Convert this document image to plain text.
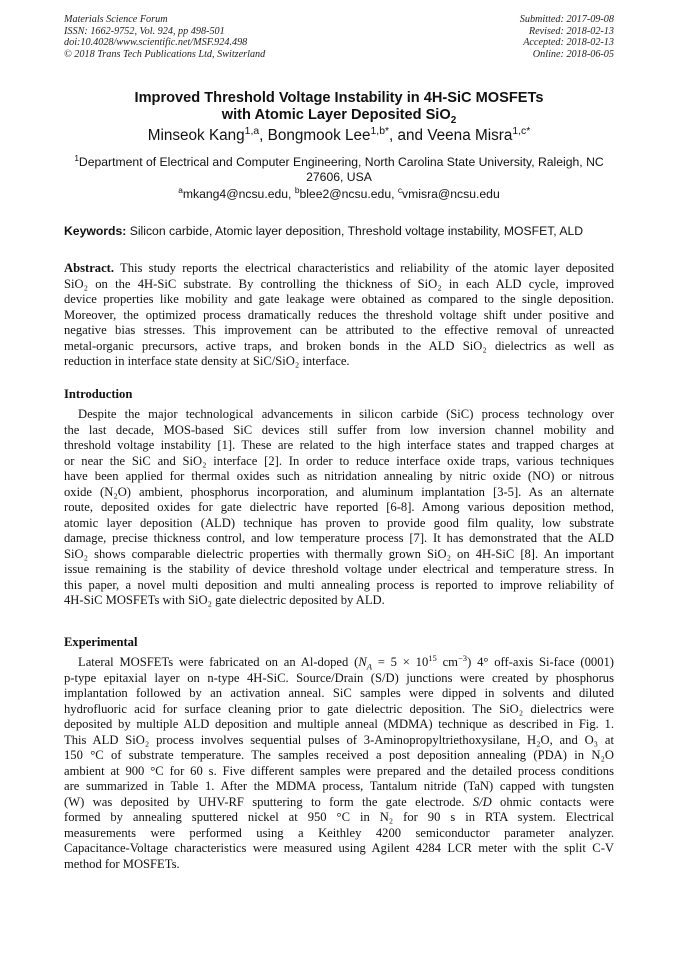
Materials Science Forum
ISSN: 1662-9752, Vol. 924, pp 498-501
doi:10.4028/www.scientific.net/MSF.924.498
© 2018 Trans Tech Publications Ltd, Switzerland
Submitted: 2017-09-08
Revised: 2018-02-13
Accepted: 2018-02-13
Online: 2018-06-05
Improved Threshold Voltage Instability in 4H-SiC MOSFETs
with Atomic Layer Deposited SiO$_2$
Minseok Kang$^{1,a}$, Bongmook Lee$^{1,b*}$, and Veena Misra$^{1,c*}$
$^1$Department of Electrical and Computer Engineering, North Carolina State University, Raleigh, NC
27606, USA
$^a$mkang4@ncsu.edu, $^b$blee2@ncsu.edu, $^c$vmisra@ncsu.edu
Keywords: Silicon carbide, Atomic layer deposition, Threshold voltage instability, MOSFET, ALD
Abstract. This study reports the electrical characteristics and reliability of the atomic layer deposited
SiO₂ on the 4H-SiC substrate. By controlling the thickness of SiO₂ in each ALD cycle, improved
device properties like mobility and gate leakage were obtained as compared to the single deposition.
Moreover, the optimized process dramatically reduces the threshold voltage shift under positive and
negative bias stresses. This improvement can be attributed to the effective removal of unreacted
metal-organic precursors, active traps, and broken bonds in the ALD SiO₂ dielectrics as well as
reduction in interface state density at SiC/SiO₂ interface.
Introduction
Despite the major technological advancements in silicon carbide (SiC) process technology over
the last decade, MOS-based SiC devices still suffer from low inversion channel mobility and
threshold voltage instability [1]. These are related to the high interface states and trapped charges at
or near the SiC and SiO₂ interface [2]. In order to reduce interface oxide traps, various techniques
have been applied for thermal oxides such as nitridation annealing by nitric oxide (NO) or nitrous
oxide (N₂O) ambient, phosphorus incorporation, and aluminum implantation [3-5]. As an alternate
route, deposited oxides for gate dielectric have reported [6-8]. Among various deposition method,
atomic layer deposition (ALD) technique has proven to provide good film quality, low substrate
damage, precise thickness control, and low temperature process [7]. It has demonstrated that the ALD
SiO₂ shows comparable dielectric properties with thermally grown SiO₂ on 4H-SiC [8]. An important
issue remaining is the stability of device threshold voltage under electrical and temperature stress. In
this paper, a novel multi deposition and multi annealing process is reported to improve reliability of
4H-SiC MOSFETs with SiO₂ gate dielectric deposited by ALD.
Experimental
Lateral MOSFETs were fabricated on an Al-doped ($N_A = 5 \times 10^{15}$ $cm^{-3}$) 4° off-axis Si-face (0001)
p-type epitaxial layer on n-type 4H-SiC. Source/Drain (S/D) junctions were created by phosphorus
implantation followed by an activation anneal. SiC samples were dipped in solvents and diluted
hydrofluoric acid for surface cleaning prior to gate dielectric deposition. The SiO₂ dielectrics were
deposited by multiple ALD deposition and multiple anneal (MDMA) technique as described in Fig. 1.
This ALD SiO₂ process involves sequential pulses of 3-Aminopropyltriethoxysilane, H₂O, and O₃ at
150 °C of substrate temperature. The samples received a post deposition annealing (PDA) in N₂O
ambient at 900 °C for 60 s. Five different samples were prepared and the detailed process conditions
are summarized in Table 1. After the MDMA process, Tantalum nitride (TaN) capped with tungsten
(W) was deposited by UHV-RF sputtering to form the gate electrode. S/D ohmic contacts were
formed by annealing sputtered nickel at 950 °C in N₂ for 90 s in RTA system. Electrical
measurements were performed using a Keithley 4200 semiconductor parameter analyzer.
Capacitance-Voltage characteristics were measured using Agilent 4284 LCR meter with the split C-V
method for MOSFETs.
